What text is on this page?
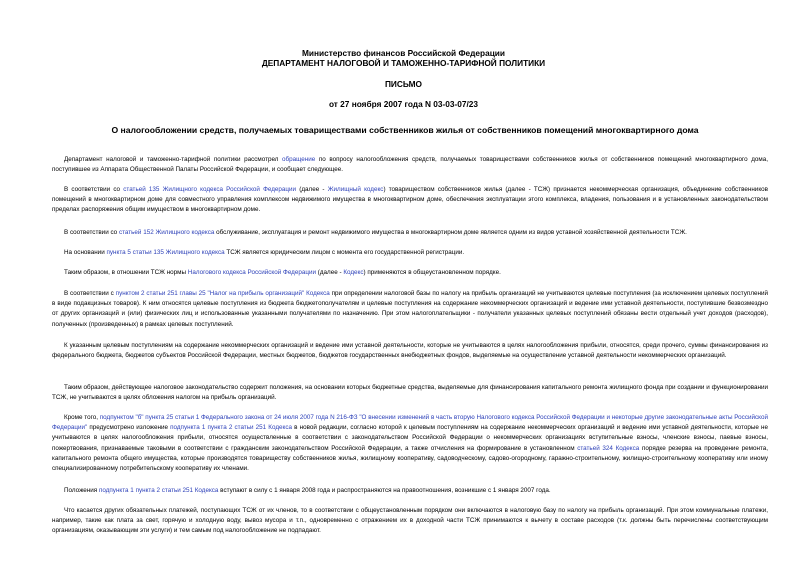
Министерство финансов Российской Федерации
ДЕПАРТАМЕНТ НАЛОГОВОЙ И ТАМОЖЕННО-ТАРИФНОЙ ПОЛИТИКИ
ПИСЬМО
от 27 ноября 2007 года N 03-03-07/23
О налогообложении средств, получаемых товариществами собственников жилья от собственников помещений многоквартирного дома

Департамент налоговой и таможенно-тарифной политики рассмотрел обращение по вопросу налогообложения средств, получаемых товариществами собственников жилья от собственников помещений многоквартирного дома, поступившее из Аппарата Общественной Палаты Российской Федерации, и сообщает следующее.

В соответствии со статьей 135 Жилищного кодекса Российской Федерации (далее - Жилищный кодекс) товариществом собственников жилья (далее - ТСЖ) признается некоммерческая организация, объединение собственников помещений в многоквартирном доме для совместного управления комплексом недвижимого имущества в многоквартирном доме, обеспечения эксплуатации этого комплекса, владения, пользования и в установленных законодательством пределах распоряжения общим имуществом в многоквартирном доме.

В соответствии со статьей 152 Жилищного кодекса обслуживание, эксплуатация и ремонт недвижимого имущества в многоквартирном доме является одним из видов уставной хозяйственной деятельности ТСЖ.

На основании пункта 5 статьи 135 Жилищного кодекса ТСЖ является юридическим лицом с момента его государственной регистрации.

Таким образом, в отношении ТСЖ нормы Налогового кодекса Российской Федерации (далее - Кодекс) применяются в общеустановленном порядке.

В соответствии с пунктом 2 статьи 251 главы 25 "Налог на прибыль организаций" Кодекса при определении налоговой базы по налогу на прибыль организаций не учитываются целевые поступления (за исключением целевых поступлений в виде подакцизных товаров). К ним относятся целевые поступления из бюджета бюджетополучателям и целевые поступления на содержание некоммерческих организаций и ведение ими уставной деятельности, поступившие безвозмездно от других организаций и (или) физических лиц и использованные указанными получателями по назначению. При этом налогоплательщики - получатели указанных целевых поступлений обязаны вести отдельный учет доходов (расходов), полученных (произведенных) в рамках целевых поступлений.

К указанным целевым поступлениям на содержание некоммерческих организаций и ведение ими уставной деятельности, которые не учитываются в целях налогообложения прибыли, относятся, среди прочего, суммы финансирования из федерального бюджета, бюджетов субъектов Российской Федерации, местных бюджетов, бюджетов государственных внебюджетных фондов, выделяемые на осуществление уставной деятельности некоммерческих организаций.

Таким образом, действующее налоговое законодательство содержит положения, на основании которых бюджетные средства, выделяемые для финансирования капитального ремонта жилищного фонда при создании и функционировании ТСЖ, не учитываются в целях обложения налогом на прибыль организаций.

Кроме того, подпунктом "б" пункта 25 статьи 1 Федерального закона от 24 июля 2007 года N 216-ФЗ "О внесении изменений в часть вторую Налогового кодекса Российской Федерации и некоторые другие законодательные акты Российской Федерации" предусмотрено изложение подпункта 1 пункта 2 статьи 251 Кодекса в новой редакции, согласно которой к целевым поступлениям на содержание некоммерческих организаций и ведение ими уставной деятельности, которые не учитываются в целях налогообложения прибыли, относятся осуществленные в соответствии с законодательством Российской Федерации о некоммерческих организациях вступительные взносы, членские взносы, паевые взносы, пожертвования, признаваемые таковыми в соответствии с гражданским законодательством Российской Федерации, а также отчисления на формирование в установленном статьей 324 Кодекса порядке резерва на проведение ремонта, капитального ремонта общего имущества, которые производятся товариществу собственников жилья, жилищному кооперативу, садоводческому, садово-огородному, гаражно-строительному, жилищно-строительному кооперативу или иному специализированному потребительскому кооперативу их членами.

Положения подпункта 1 пункта 2 статьи 251 Кодекса вступают в силу с 1 января 2008 года и распространяются на правоотношения, возникшие с 1 января 2007 года.

Что касается других обязательных платежей, поступающих ТСЖ от их членов, то в соответствии с общеустановленным порядком они включаются в налоговую базу по налогу на прибыль организаций. При этом коммунальные платежи, например, такие как плата за свет, горячую и холодную воду, вывоз мусора и т.п., одновременно с отражением их в доходной части ТСЖ принимаются к вычету в составе расходов (т.к. должны быть перечислены соответствующим организациям, оказывающим эти услуги) и тем самым под налогообложение не подпадают.
